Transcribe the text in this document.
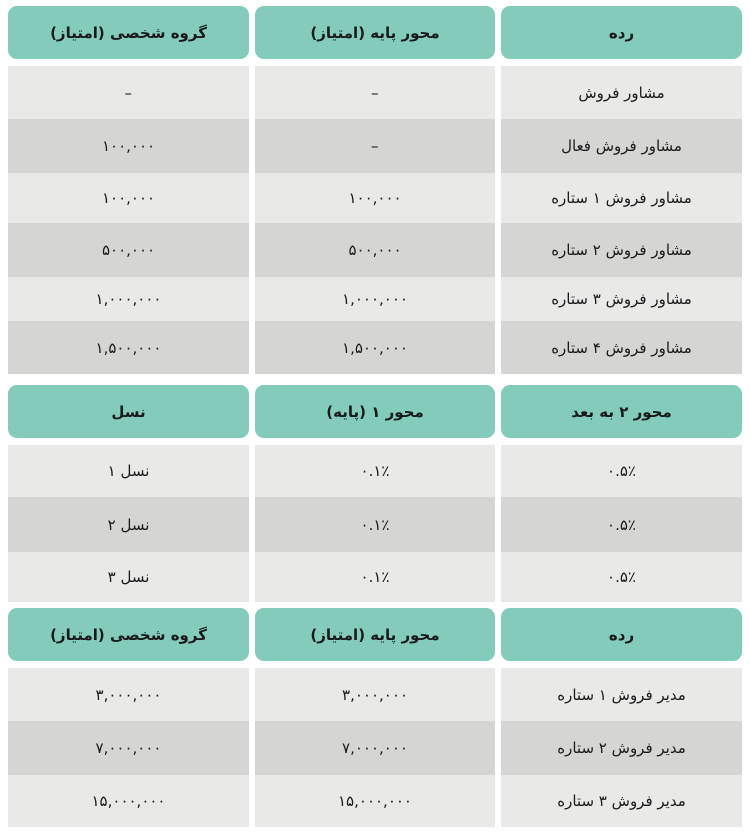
رده
محور پایه (امتیاز)
گروه شخصی (امتیاز)
مشاور فروش
–
–
مشاور فروش فعال
–
۱۰۰,۰۰۰
مشاور فروش ۱ ستاره
۱۰۰,۰۰۰
۱۰۰,۰۰۰
مشاور فروش ۲ ستاره
۵۰۰,۰۰۰
۵۰۰,۰۰۰
مشاور فروش ۳ ستاره
۱,۰۰۰,۰۰۰
۱,۰۰۰,۰۰۰
مشاور فروش ۴ ستاره
۱,۵۰۰,۰۰۰
۱,۵۰۰,۰۰۰
محور ۲ به بعد
محور ۱ (پایه)
نسل
۰.۵٪
۰.۱٪
نسل ۱
۰.۵٪
۰.۱٪
نسل ۲
۰.۵٪
۰.۱٪
نسل ۳
رده
محور پایه (امتیاز)
گروه شخصی (امتیاز)
مدیر فروش ۱ ستاره
۳,۰۰۰,۰۰۰
۳,۰۰۰,۰۰۰
مدیر فروش ۲ ستاره
۷,۰۰۰,۰۰۰
۷,۰۰۰,۰۰۰
مدیر فروش ۳ ستاره
۱۵,۰۰۰,۰۰۰
۱۵,۰۰۰,۰۰۰
